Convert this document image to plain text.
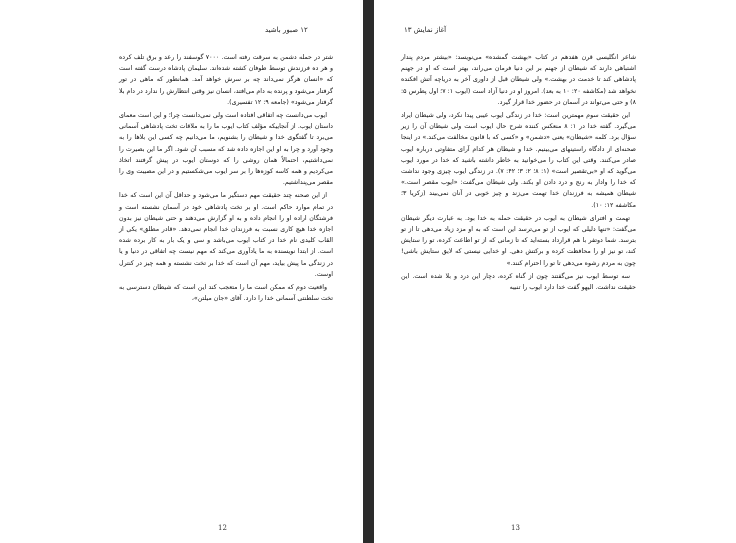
۱۲ صبور باشید

شتر در حمله دشمن به سرقت رفته است. ۷۰۰۰ گوسفند را رعد و برق تلف کرده و هر ده فرزندش توسط طوفان کشته شده‌اند. سلیمان پادشاه درست گفته است که «انسان هرگز نمی‌داند چه بر سرش خواهد آمد. همانطور که ماهی در تور گرفتار می‌شود و پرنده به دام می‌افتد، انسان نیز وقتی انتظارش را ندارد در دام بلا گرفتار می‌شود» (جامعه ۹: ۱۲ تفسیری).

ایوب می‌دانست چه اتفاقی افتاده است ولی نمی‌دانست چرا؛ و این است معمای داستان ایوب. از آنجاییکه مؤلف کتاب ایوب ما را به ملاقات تخت پادشاهی آسمانی می‌برد تا گفتگوی خدا و شیطان را بشنویم، ما می‌دانیم چه کسی این بلاها را به وجود آورد و چرا به او این اجازه داده شد که مسبب آن شود. اگر ما این بصیرت را نمی‌داشتیم، احتمالاً همان روشی را که دوستان ایوب در پیش گرفتند اتخاذ می‌کردیم و همه کاسه کوزه‌ها را بر سر ایوب می‌شکستیم و در این مصیبت وی را مقصر می‌پنداشتیم.

از این صحنه چند حقیقت مهم دستگیر ما می‌شود و حداقل آن این است که خدا در تمام موارد حاکم است. او بر تخت پادشاهی خود در آسمان نشسته است و فرشتگان اراده او را انجام داده و به او گزارش می‌دهند و حتی شیطان نیز بدون اجازه خدا هیچ کاری نسبت به فرزندان خدا انجام نمی‌دهد. «قادر مطلق» یکی از القاب کلیدی نام خدا در کتاب ایوب می‌باشد و سی و یک بار به کار برده شده است. از ابتدا نویسنده به ما یادآوری می‌کند که مهم نیست چه اتفاقی در دنیا و یا در زندگی ما پیش بیاید، مهم آن است که خدا بر تخت نشسته و همه چیز در کنترل اوست.

واقعیت دوم که ممکن است ما را متعجب کند این است که شیطان دسترسی به تخت سلطنتی آسمانی خدا را دارد. آقای «جان میلتن»،

12
آغاز نمایش ۱۳

شاعر انگلیسی قرن هفدهم در کتاب «بهشت گمشده» می‌نویسد: «بیشتر مردم پندار اشتباهی دارند که شیطان از جهنم بر این دنیا فرمان می‌راند، بهتر است که او در جهنم پادشاهی کند تا خدمت در بهشت.» ولی شیطان قبل از داوری آخر به دریاچه آتش افکنده نخواهد شد (مکاشفه ۲۰: ۱۰ به بعد). امروز او در دنیا آزاد است (ایوب ۱: ۷؛ اول پطرس ۵: ۸) و حتی می‌تواند در آسمان در حضور خدا قرار گیرد.

این حقیقت سوم مهمترین است: خدا در زندگی ایوب عیبی پیدا نکرد، ولی شیطان ایراد می‌گیرد. گفته خدا در ۱: ۸ منعکس کننده شرح حال ایوب است ولی شیطان آن را زیر سؤال برد. کلمه «شیطان» یعنی «دشمن» و «کسی که با قانون مخالفت می‌کند.» در اینجا صحنه‌ای از دادگاه راستینهای می‌بینیم. خدا و شیطان هر کدام آرای متفاوتی درباره ایوب صادر می‌کنند. وقتی این کتاب را می‌خوانید به خاطر داشته باشید که خدا در مورد ایوب می‌گوید که او «بی‌تقصیر است» (۱: ۸؛ ۲: ۳؛ ۴۲: ۷). در زندگی ایوب چیزی وجود نداشت که خدا را وادار به رنج و درد دادن او بکند. ولی شیطان می‌گفت: «ایوب مقصر است.» شیطان همیشه به فرزندان خدا تهمت می‌زند و چیز خوبی در آنان نمی‌بیند (زکریا ۳؛ مکاشفه ۱۲: ۱۰).

تهمت و افترای شیطان به ایوب در حقیقت حمله به خدا بود. به عبارت دیگر شیطان می‌گفت: «تنها دلیلی که ایوب از تو می‌ترسد این است که به او مزد زیاد می‌دهی تا از تو بترسد. شما دوتفر با هم قرارداد بسته‌اید که تا زمانی که از تو اطاعت کرده، تو را ستایش کند، تو نیز او را محافظت کرده و برکتش دهی. او خدایی نیستی که لایق ستایش باشی! چون به مردم رشوه می‌دهی تا تو را احترام کنند.»

سه توسط ایوب نیز می‌گفتند چون از گناه کرده، دچار این درد و بلا شده است. این حقیقت نداشت. الیهو گفت خدا دارد ایوب را تنبیه

13
